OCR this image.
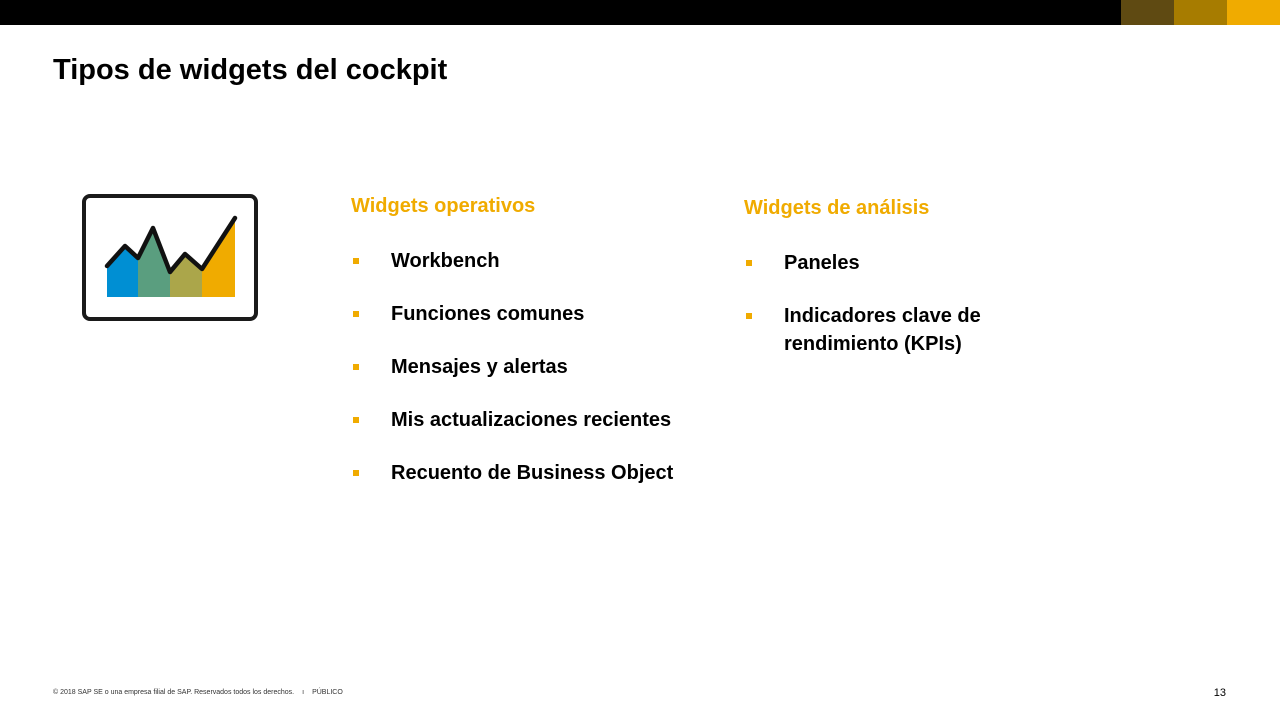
Tipos de widgets del cockpit
Widgets operativos
Workbench
Funciones comunes
Mensajes y alertas
Mis actualizaciones recientes
Recuento de Business Object
Widgets de análisis
Paneles
Indicadores clave de rendimiento (KPIs)
© 2018 SAP SE o una empresa filial de SAP. Reservados todos los derechos. ı PÚBLICO	13
